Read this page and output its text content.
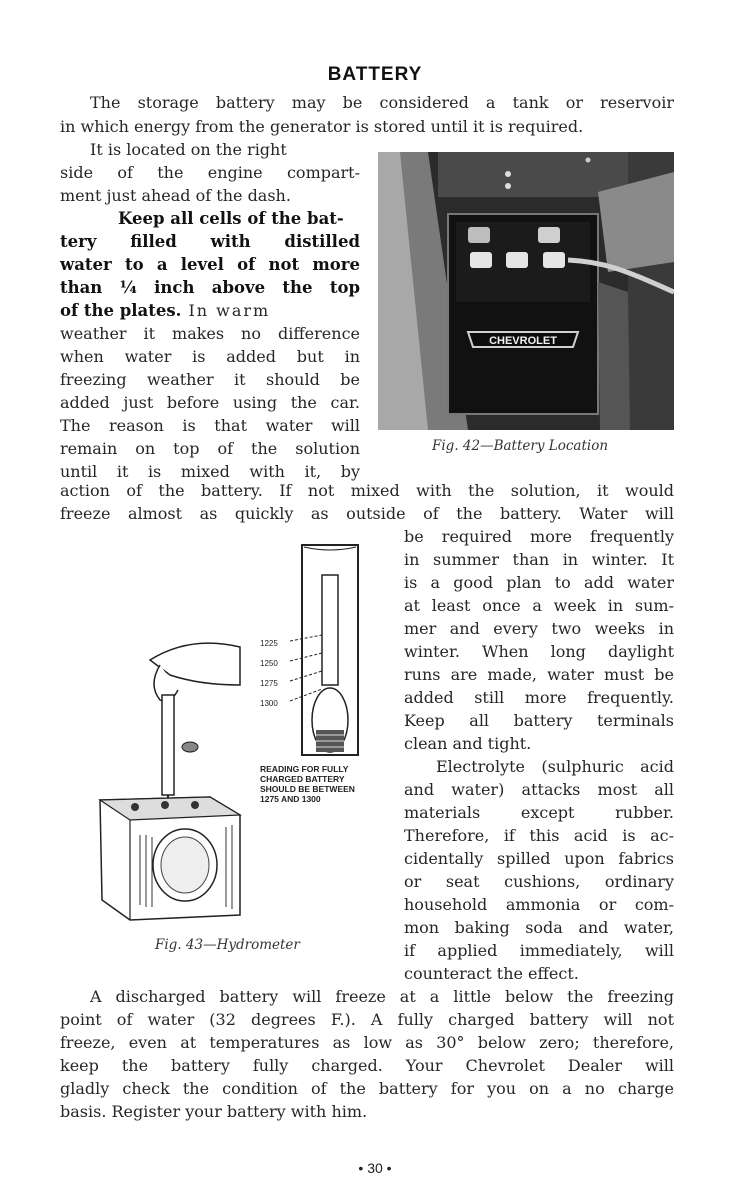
BATTERY
The storage battery may be considered a tank or reservoir
in which energy from the generator is stored until it is required.
It is located on the right
side of the engine compart-
ment just ahead of the dash.
Keep all cells of the bat-
tery filled with distilled
water to a level of not more
than ¼ inch above the top
of the plates. In warm
weather it makes no difference
when water is added but in
freezing weather it should be
added just before using the car.
The reason is that water will
remain on top of the solution
until it is mixed with it, by
CHEVROLET
Fig. 42—Battery Location
action of the battery. If not mixed with the solution, it would
freeze almost as quickly as outside of the battery. Water will
1225
1250
1275
1300
READING FOR FULLY
CHARGED BATTERY
SHOULD BE BETWEEN
1275 AND 1300
Fig. 43—Hydrometer
be required more frequently
in summer than in winter. It
is a good plan to add water
at least once a week in sum-
mer and every two weeks in
winter. When long daylight
runs are made, water must be
added still more frequently.
Keep all battery terminals
clean and tight.
Electrolyte (sulphuric acid
and water) attacks most all
materials except rubber.
Therefore, if this acid is ac-
cidentally spilled upon fabrics
or seat cushions, ordinary
household ammonia or com-
mon baking soda and water,
if applied immediately, will
counteract the effect.
A discharged battery will freeze at a little below the freezing
point of water (32 degrees F.). A fully charged battery will not
freeze, even at temperatures as low as 30° below zero; therefore,
keep the battery fully charged. Your Chevrolet Dealer will
gladly check the condition of the battery for you on a no charge
basis. Register your battery with him.
• 30 •
